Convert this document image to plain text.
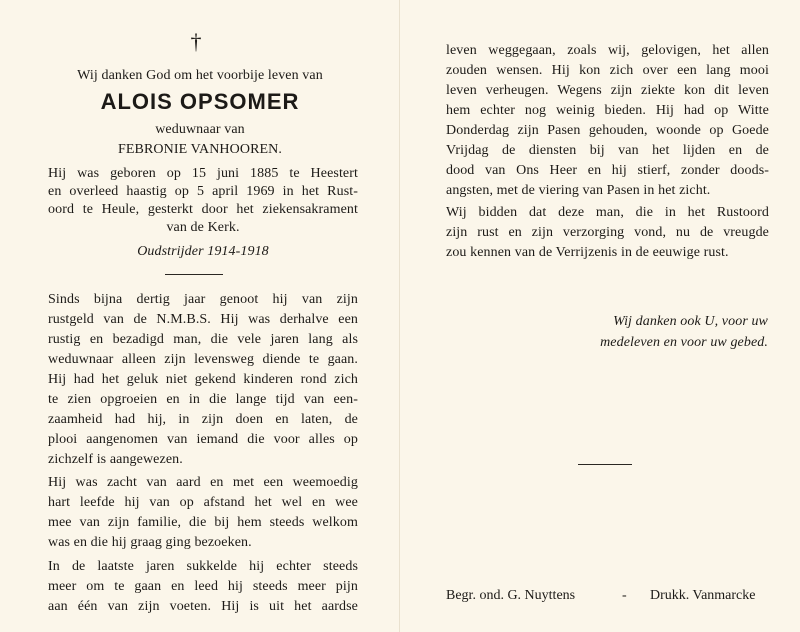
†
Wij danken God om het voorbije leven van
ALOIS OPSOMER
weduwnaar van
FEBRONIE VANHOOREN.
Hij was geboren op 15 juni 1885 te Heestert
en overleed haastig op 5 april 1969 in het Rust-
oord te Heule, gesterkt door het ziekensakrament
van de Kerk.
Oudstrijder 1914-1918
Sinds bijna dertig jaar genoot hij van zijn
rustgeld van de N.M.B.S. Hij was derhalve een
rustig en bezadigd man, die vele jaren lang als
weduwnaar alleen zijn levensweg diende te gaan.
Hij had het geluk niet gekend kinderen rond zich
te zien opgroeien en in die lange tijd van een-
zaamheid had hij, in zijn doen en laten, de
plooi aangenomen van iemand die voor alles op
zichzelf is aangewezen.
Hij was zacht van aard en met een weemoedig
hart leefde hij van op afstand het wel en wee
mee van zijn familie, die bij hem steeds welkom
was en die hij graag ging bezoeken.
In de laatste jaren sukkelde hij echter steeds
meer om te gaan en leed hij steeds meer pijn
aan één van zijn voeten. Hij is uit het aardse
leven weggegaan, zoals wij, gelovigen, het allen
zouden wensen. Hij kon zich over een lang mooi
leven verheugen. Wegens zijn ziekte kon dit leven
hem echter nog weinig bieden. Hij had op Witte
Donderdag zijn Pasen gehouden, woonde op Goede
Vrijdag de diensten bij van het lijden en de
dood van Ons Heer en hij stierf, zonder doods-
angsten, met de viering van Pasen in het zicht.
Wij bidden dat deze man, die in het Rustoord
zijn rust en zijn verzorging vond, nu de vreugde
zou kennen van de Verrijzenis in de eeuwige rust.
Wij danken ook U, voor uw
medeleven en voor uw gebed.
Begr. ond. G. Nuyttens	- Drukk. Vanmarcke
